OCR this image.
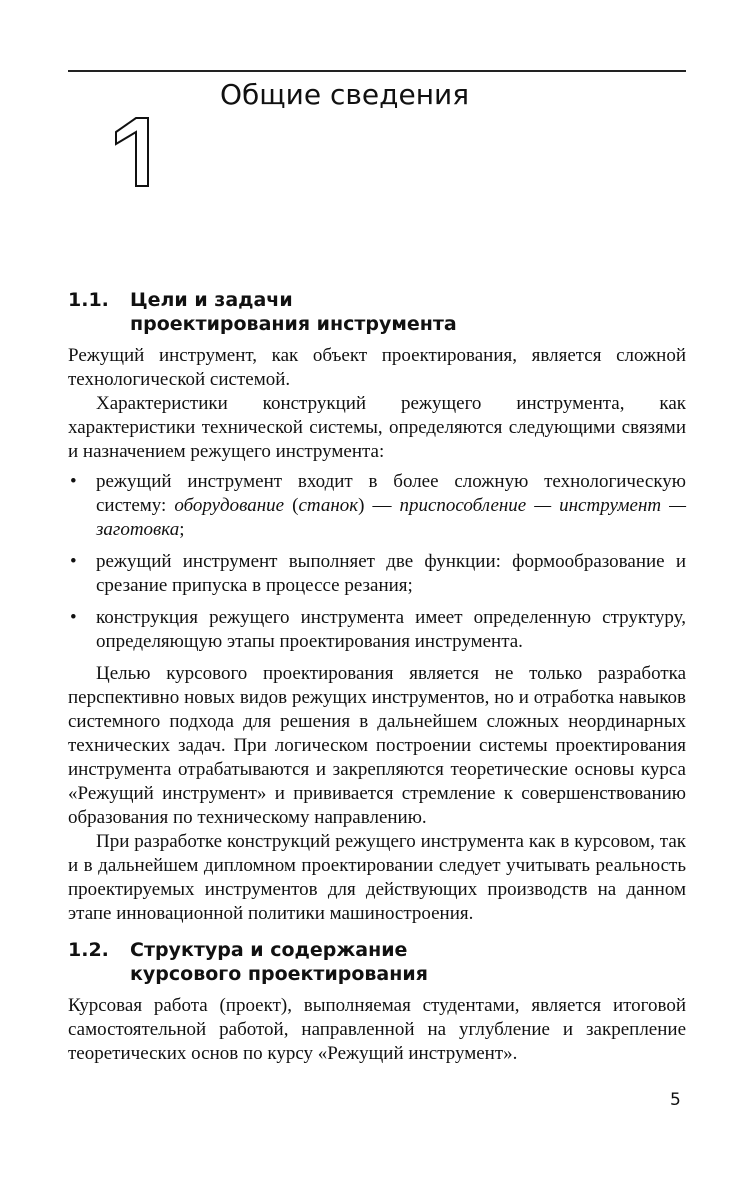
Общие сведения
1.1. Цели и задачи
проектирования инструмента

Режущий инструмент, как объект проектирования, является сложной технологической системой.

Характеристики конструкций режущего инструмента, как характеристики технической системы, определяются следующими связями и назначением режущего инструмента:

• режущий инструмент входит в более сложную технологическую систему: оборудование (станок) — приспособление — инструмент — заготовка;
• режущий инструмент выполняет две функции: формообразование и срезание припуска в процессе резания;
• конструкция режущего инструмента имеет определенную структуру, определяющую этапы проектирования инструмента.

Целью курсового проектирования является не только разработка перспективно новых видов режущих инструментов, но и отработка навыков системного подхода для решения в дальнейшем сложных неординарных технических задач. При логическом построении системы проектирования инструмента отрабатываются и закрепляются теоретические основы курса «Режущий инструмент» и прививается стремление к совершенствованию образования по техническому направлению.

При разработке конструкций режущего инструмента как в курсовом, так и в дальнейшем дипломном проектировании следует учитывать реальность проектируемых инструментов для действующих производств на данном этапе инновационной политики машиностроения.

1.2. Структура и содержание
курсового проектирования

Курсовая работа (проект), выполняемая студентами, является итоговой самостоятельной работой, направленной на углубление и закрепление теоретических основ по курсу «Режущий инструмент».

5
